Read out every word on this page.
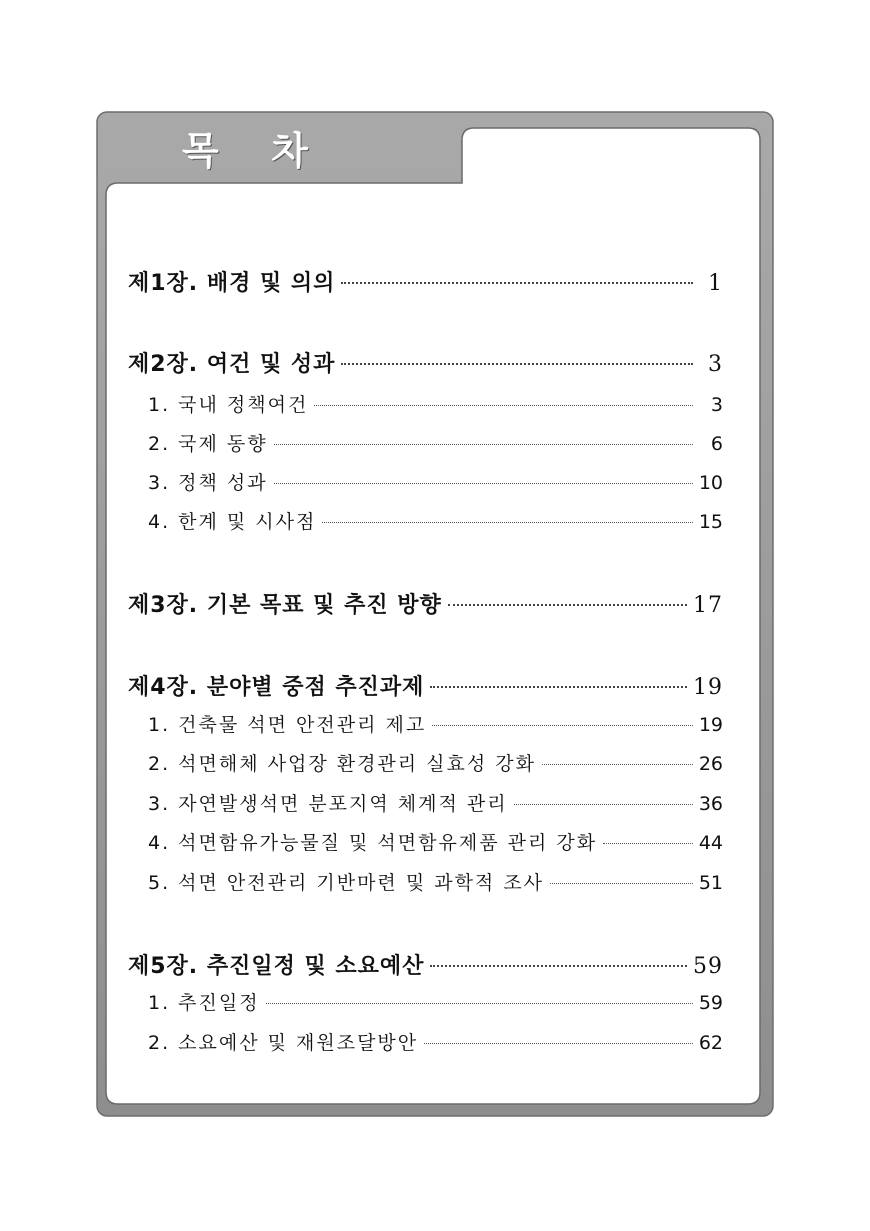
목 차
제1장. 배경 및 의의	1
제2장. 여건 및 성과	3
1. 국내 정책여건	3
2. 국제 동향	6
3. 정책 성과	10
4. 한계 및 시사점	15
제3장. 기본 목표 및 추진 방향	17
제4장. 분야별 중점 추진과제	19
1. 건축물 석면 안전관리 제고	19
2. 석면해체 사업장 환경관리 실효성 강화	26
3. 자연발생석면 분포지역 체계적 관리	36
4. 석면함유가능물질 및 석면함유제품 관리 강화	44
5. 석면 안전관리 기반마련 및 과학적 조사	51
제5장. 추진일정 및 소요예산	59
1. 추진일정	59
2. 소요예산 및 재원조달방안	62
